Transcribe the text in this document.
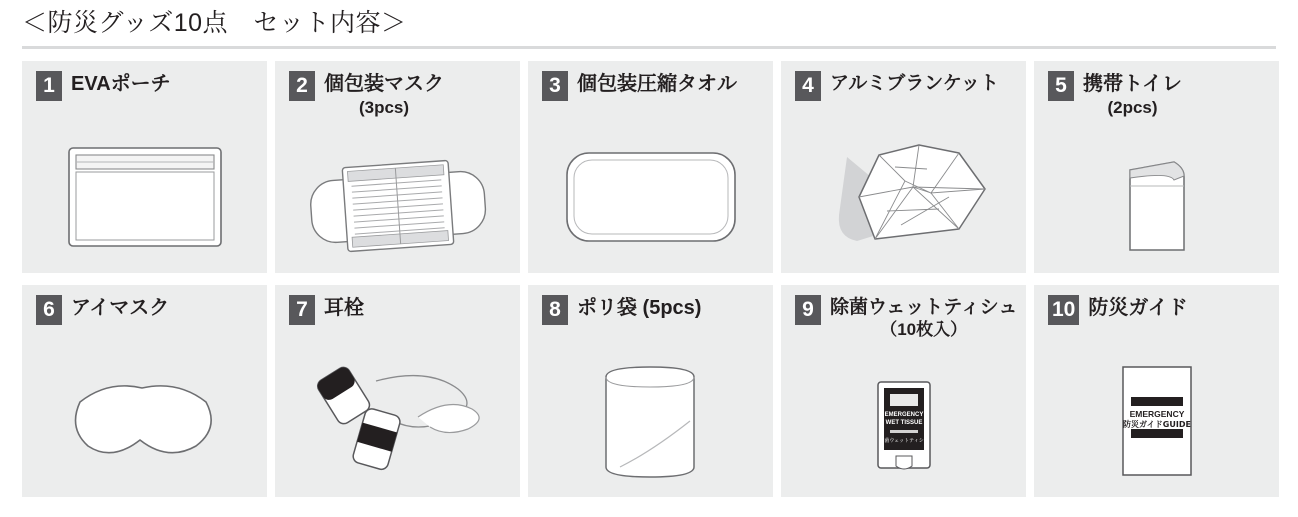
＜防災グッズ10点　セット内容＞
1 EVAポーチ	2 個包装マスク
(3pcs)
3 個包装圧縮タオル	4 アルミブランケット	5 携帯トイレ
(2pcs)
6 アイマスク	7 耳栓	8 ポリ袋 (5pcs)	9 除菌ウェットティシュ
（10枚入）
EMERGENCY
WET TISSUE
除菌ウェットティシュ
10 防災ガイド
EMERGENCY
防災ガイドGUIDE
